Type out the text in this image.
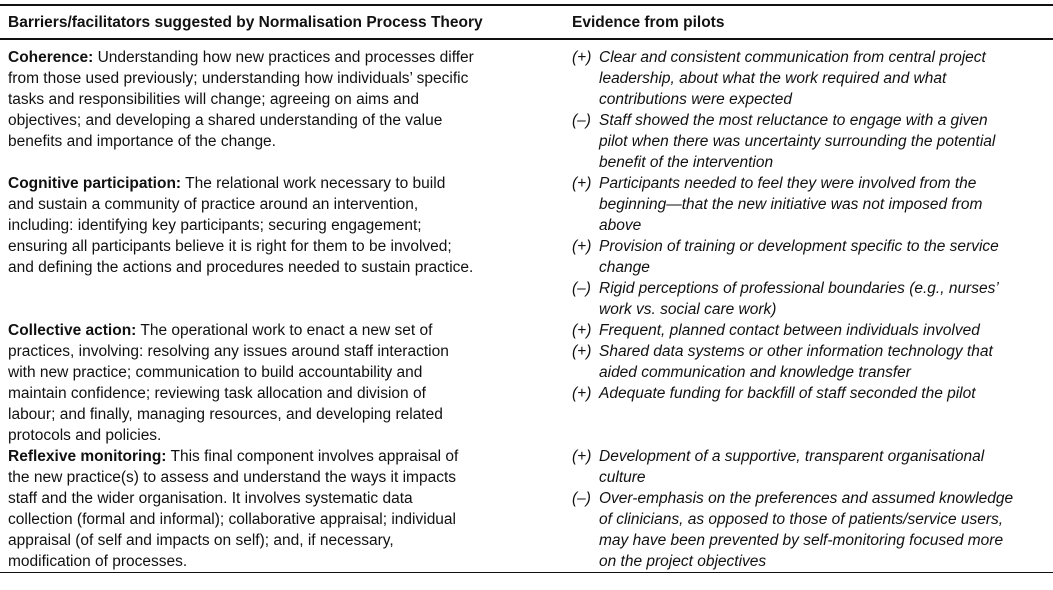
Barriers/facilitators suggested by Normalisation Process Theory	Evidence from pilots
Coherence: Understanding how new practices and processes differ from those used previously; understanding how individuals’ specific tasks and responsibilities will change; agreeing on aims and objectives; and developing a shared understanding of the value benefits and importance of the change.
(+) Clear and consistent communication from central project leadership, about what the work required and what contributions were expected
(–) Staff showed the most reluctance to engage with a given pilot when there was uncertainty surrounding the potential benefit of the intervention
Cognitive participation: The relational work necessary to build and sustain a community of practice around an intervention, including: identifying key participants; securing engagement; ensuring all participants believe it is right for them to be involved; and defining the actions and procedures needed to sustain practice.
(+) Participants needed to feel they were involved from the beginning—that the new initiative was not imposed from above
(+) Provision of training or development specific to the service change
(–) Rigid perceptions of professional boundaries (e.g., nurses’ work vs. social care work)
Collective action: The operational work to enact a new set of practices, involving: resolving any issues around staff interaction with new practice; communication to build accountability and maintain confidence; reviewing task allocation and division of labour; and finally, managing resources, and developing related protocols and policies.
(+) Frequent, planned contact between individuals involved
(+) Shared data systems or other information technology that aided communication and knowledge transfer
(+) Adequate funding for backfill of staff seconded the pilot
Reflexive monitoring: This final component involves appraisal of the new practice(s) to assess and understand the ways it impacts staff and the wider organisation. It involves systematic data collection (formal and informal); collaborative appraisal; individual appraisal (of self and impacts on self); and, if necessary, modification of processes.
(+) Development of a supportive, transparent organisational culture
(–) Over-emphasis on the preferences and assumed knowledge of clinicians, as opposed to those of patients/service users, may have been prevented by self-monitoring focused more on the project objectives
